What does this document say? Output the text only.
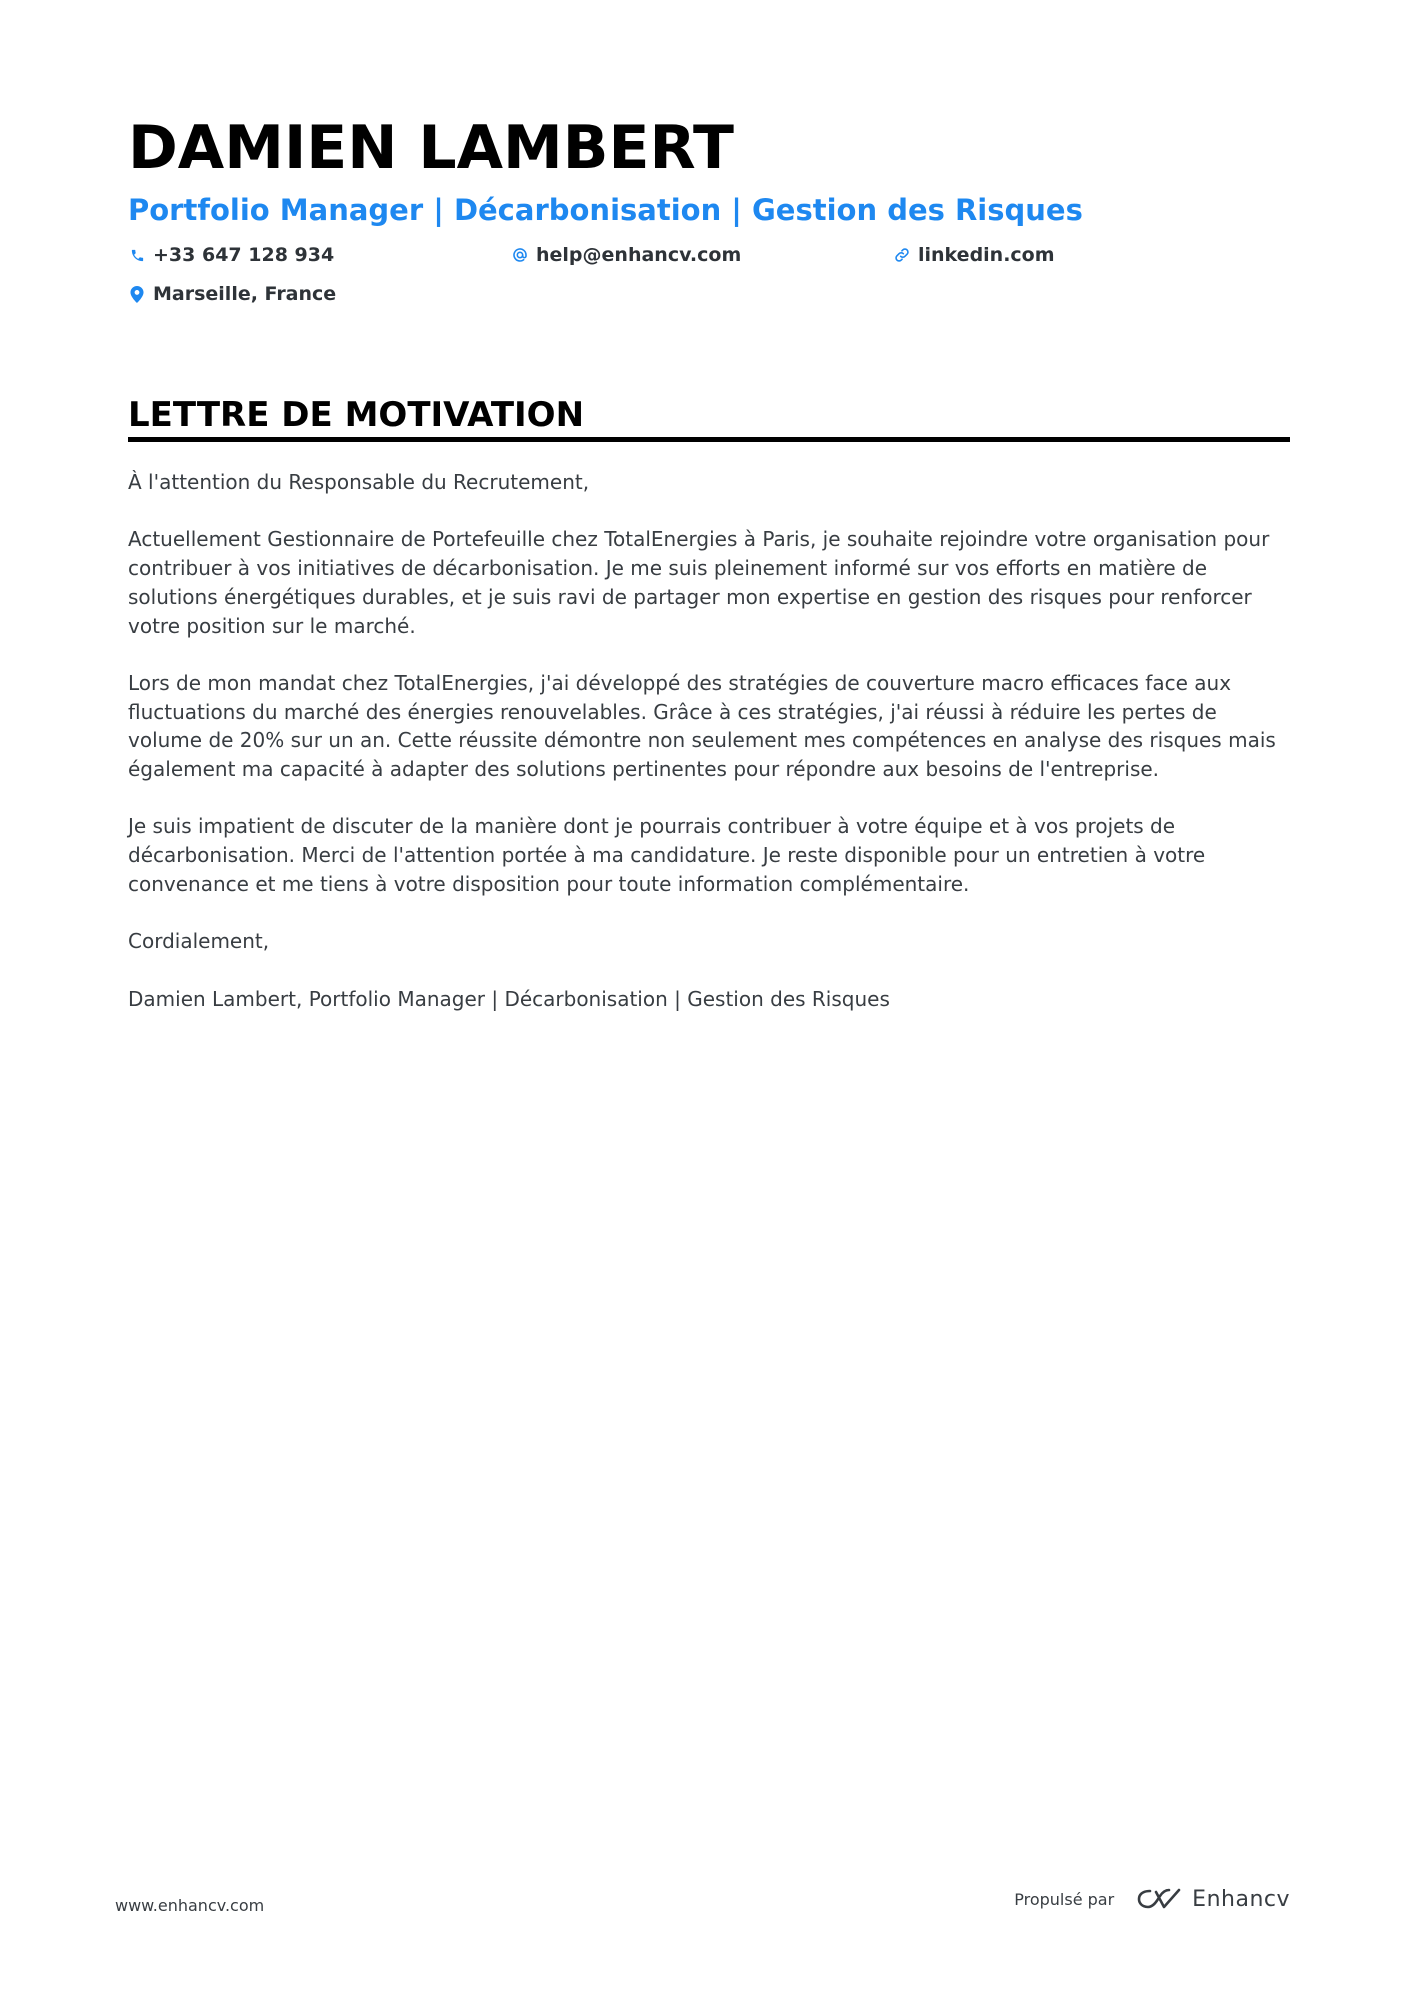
DAMIEN LAMBERT
Portfolio Manager | Décarbonisation | Gestion des Risques
+33 647 128 934	help@enhancv.com	linkedin.com
Marseille, France
LETTRE DE MOTIVATION

À l'attention du Responsable du Recrutement,

Actuellement Gestionnaire de Portefeuille chez TotalEnergies à Paris, je souhaite rejoindre votre organisation pour contribuer à vos initiatives de décarbonisation. Je me suis pleinement informé sur vos efforts en matière de solutions énergétiques durables, et je suis ravi de partager mon expertise en gestion des risques pour renforcer votre position sur le marché.

Lors de mon mandat chez TotalEnergies, j'ai développé des stratégies de couverture macro efficaces face aux fluctuations du marché des énergies renouvelables. Grâce à ces stratégies, j'ai réussi à réduire les pertes de volume de 20% sur un an. Cette réussite démontre non seulement mes compétences en analyse des risques mais également ma capacité à adapter des solutions pertinentes pour répondre aux besoins de l'entreprise.

Je suis impatient de discuter de la manière dont je pourrais contribuer à votre équipe et à vos projets de décarbonisation. Merci de l'attention portée à ma candidature. Je reste disponible pour un entretien à votre convenance et me tiens à votre disposition pour toute information complémentaire.

Cordialement,

Damien Lambert, Portfolio Manager | Décarbonisation | Gestion des Risques

www.enhancv.com	Propulsé par	Enhancv
